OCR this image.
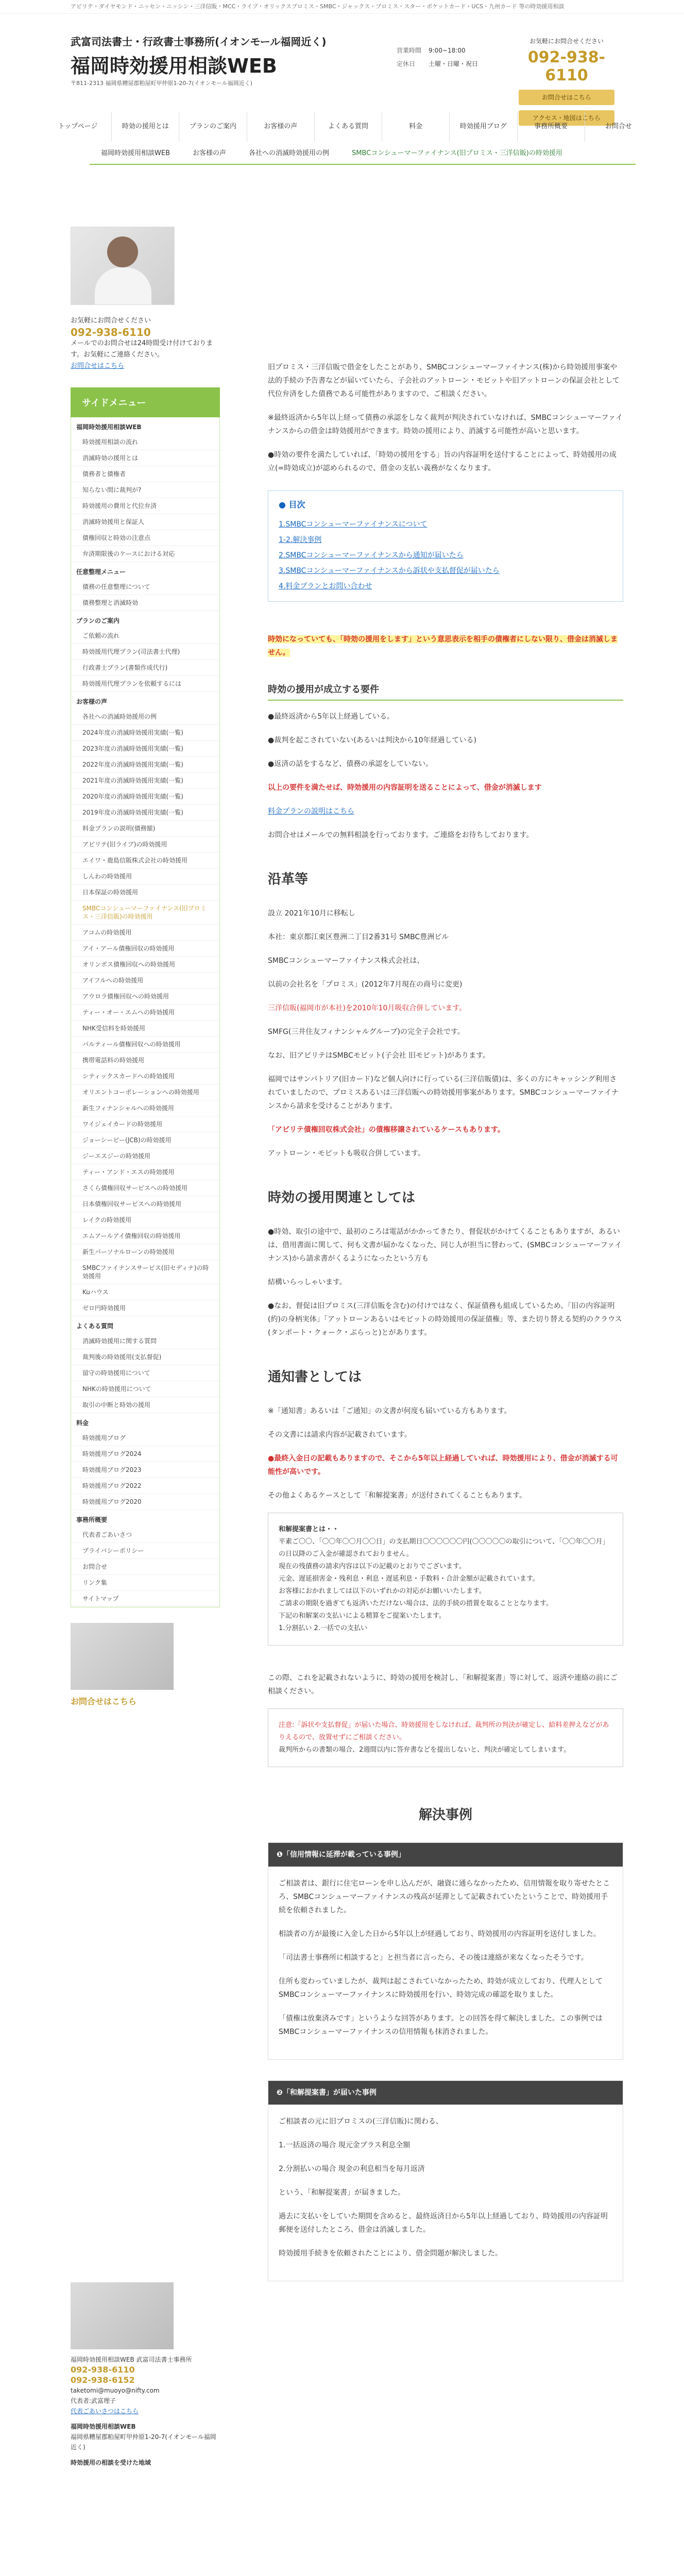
アビリテ・ダイヤモンド・ニッセン・ニッシン・三洋信販・MCC・ライブ・オリックスプロミス・SMBC・ジャックス・プロミス・スター・ポケットカード・UCS・九州カード 等の時効援用相談
武富司法書士・行政書士事務所(イオンモール福岡近く)
福岡時効援用相談WEB
〒811-2313 福岡県糟屋郡粕屋町甲仲原1-20-7(イオンモール福岡近く)
営業時間 9:00~18:00
定休日 土曜・日曜・祝日
お気軽にお問合せください
092-938-6110
お問合せはこちら
アクセス・地図はこちら
トップページ	時効の援用とは	プランのご案内	お客様の声	よくある質問	料金	時効援用ブログ	事務所概要	お問合せ
福岡時効援用相談WEB	お客様の声	各社への消滅時効援用の例	SMBCコンシューマーファイナンス(旧プロミス・三洋信販)の時効援用
お気軽にお問合せください
092-938-6110
メールでのお問合せは24時間受け付けております。お気軽にご連絡ください。
お問合せはこちら
サイドメニュー
福岡時効援用相談WEB
時効援用相談の流れ
消滅時効の援用とは
債務者と債権者
知らない間に裁判が?
時効援用の費用と代位弁済
消滅時効援用と保証人
債権回収と時効の注意点
弁済期限後のケースにおける対応
任意整理メニュー
債務の任意整理について
債務整理と消滅時効
プランのご案内
ご依頼の流れ
時効援用代理プラン(司法書士代理)
行政書士プラン(書類作成代行)
時効援用代理プランを依頼するには
お客様の声
各社への消滅時効援用の例
2024年度の消滅時効援用実績(一覧)
2023年度の消滅時効援用実績(一覧)
2022年度の消滅時効援用実績(一覧)
2021年度の消滅時効援用実績(一覧)
2020年度の消滅時効援用実績(一覧)
2019年度の消滅時効援用実績(一覧)
料金プランの説明(債務額)
アビリテ(旧ライブ)の時効援用
エイワ・鹿島信販株式会社の時効援用
しんわの時効援用
日本保証の時効援用
SMBCコンシューマーファイナンス(旧プロミス・三洋信販)の時効援用
アコムの時効援用
アイ・アール債権回収の時効援用
オリンポス債権回収への時効援用
アイフルへの時効援用
アウロラ債権回収への時効援用
ティー・オー・エムへの時効援用
NHK受信料を時効援用
パルティール債権回収への時効援用
携帯電話料の時効援用
シティックスカードへの時効援用
オリエントコーポレーションへの時効援用
新生フィナンシャルへの時効援用
ワイジェイカードの時効援用
ジョーシービー(JCB)の時効援用
ジーエスジーの時効援用
ティー・アンド・エスの時効援用
さくら債権回収サービスへの時効援用
日本債権回収サービスへの時効援用
レイクの時効援用
エムアールアイ債権回収の時効援用
新生パーソナルローンの時効援用
SMBCファイナンスサービス(旧セディナ)の時効援用
Kuハウス
ゼロ円時効援用
よくある質問
消滅時効援用に関する質問
裁判後の時効援用(支払督促)
留守の時効援用について
NHKの時効援用について
取引の中断と時効の援用
料金
時効援用ブログ
時効援用ブログ2024
時効援用ブログ2023
時効援用ブログ2022
時効援用ブログ2020
事務所概要
代表者ごあいさつ
プライバシーポリシー
お問合せ
リンク集
サイトマップ
お問合せはこちら
福岡時効援用相談WEB 武富司法書士事務所
092-938-6110
092-938-6152
taketomi@muoyo@nifty.com
代表者:武富理子
代表ごあいさつはこちら
福岡時効援用相談WEB
福岡県糟屋郡粕屋町甲仲原1-20-7(イオンモール福岡近く)
時効援用の相談を受けた地域

旧プロミス・三洋信販で借金をしたことがあり、SMBCコンシューマーファイナンス(株)から時効援用事案や法的手続の予告書などが届いていたら、子会社のアットローン・モビットや旧アットローンの保証会社として代位弁済をした債務である可能性がありますので、ご相談ください。

※最終返済から5年以上経って債務の承認をしなく裁判が判決されていなければ、SMBCコンシューマーファイナンスからの借金は時効援用ができます。時効の援用により、消滅する可能性が高いと思います。

●時効の要件を満たしていれば、「時効の援用をする」旨の内容証明を送付することによって、時効援用の成立(=時効成立)が認められるので、借金の支払い義務がなくなります。

● 目次
1.SMBCコンシューマーファイナンスについて
1-2.解決事例
2.SMBCコンシューマーファイナンスから通知が届いたら
3.SMBCコンシューマーファイナンスから訴状や支払督促が届いたら
4.料金プランとお問い合わせ

時効になっていても、「時効の援用をします」という意思表示を相手の債権者にしない限り、借金は消滅しません。

時効の援用が成立する要件

●最終返済から5年以上経過している。

●裁判を起こされていない(あるいは判決から10年経過している)

●返済の話をするなど、債務の承認をしていない。

以上の要件を満たせば、時効援用の内容証明を送ることによって、借金が消滅します

料金プランの説明はこちら

お問合せはメールでの無料相談を行っております。ご連絡をお待ちしております。

沿革等

設立 2021年10月に移転し

本社：東京都江東区豊洲二丁目2番31号 SMBC豊洲ビル

SMBCコンシューマーファイナンス株式会社は、

以前の会社名を「プロミス」(2012年7月現在の商号に変更)

三洋信販(福岡市が本社)を2010年10月吸収合併しています。

SMFG(三井住友フィナンシャルグループ)の完全子会社です。

なお、旧アビリテはSMBCモビット(子会社 旧モビット)があります。

福岡ではサンパトリア(旧カード)など個人向けに行っている(三洋信販債)は、多くの方にキャッシング利用されていましたので、プロミスあるいは三洋信販への時効援用事案があります。SMBCコンシューマーファイナンスから請求を受けることがあります。

「アビリテ債権回収株式会社」の債権移譲されているケースもあります。

アットローン・モビットも吸収合併しています。

時効の援用関連としては

●時効、取引の途中で、最初のころは電話がかかってきたり、督促状がかけてくることもありますが、あるいは、借用書面に関して、何も文書が届かなくなった、同じ人が担当に替わって、(SMBCコンシューマーファイナンス)から請求書がくるようになったという方も

結構いらっしゃいます。

●なお、督促は旧プロミス(三洋信販を含む)の付けではなく、保証債務も組成しているため、「旧の内容証明(約)の身柄実体」「アットローンあるいはモビットの時効援用の保証債権」等、また切り替える契約のクラウス(タンポート・クォーク・ぷらっと)とがあります。

通知書としては

※「通知書」あるいは「ご通知」の文書が何度も届いている方もあります。

その文書には請求内容が記載されています。

●最終入金日の記載もありますので、そこから5年以上経過していれば、時効援用により、借金が消滅する可能性が高いです。

その他よくあるケースとして「和解提案書」が送付されてくることもあります。

和解提案書とは・・
平素ご〇〇、「〇〇年〇〇月〇〇日」の支払期日〇〇〇〇〇〇円(〇〇〇〇〇の取引について、「〇〇年〇〇月」の日以降のご入金が確認されておりません。
現在の残債務の請求内容は以下の記載のとおりでございます。
元金、遅延損害金・残利息・利息・遅延利息・手数料・合計金額が記載されています。
お客様におかれましては以下のいずれかの対応がお願いいたします。
ご請求の期限を過ぎても返済いただけない場合は、法的手続の措置を取ることとなります。
下記の和解案の支払いによる精算をご提案いたします。
1.分割払い 2.一括での支払い

この際、これを記載されないように、時効の援用を検討し、「和解提案書」等に対して、返済や連絡の前にご相談ください。

注意:「訴状や支払督促」が届いた場合、時効援用をしなければ、裁判所の判決が確定し、給料差押えなどがありえるので、放置せずにご相談ください。
裁判所からの書類の場合、2週間以内に答弁書などを提出しないと、判決が確定してしまいます。
解決事例
❶「信用情報に延滞が載っている事例」

ご相談者は、銀行に住宅ローンを申し込んだが、融資に通らなかったため、信用情報を取り寄せたところ、SMBCコンシューマーファイナンスの残高が延滞として記載されていたということで、時効援用手続を依頼されました。

相談者の方が最後に入金した日から5年以上が経過しており、時効援用の内容証明を送付しました。

「司法書士事務所に相談すると」と担当者に言ったら、その後は連絡が来なくなったそうです。

住所も変わっていましたが、裁判は起こされていなかったため、時効が成立しており、代理人としてSMBCコンシューマーファイナンスに時効援用を行い、時効完成の確認を取りました。

「債権は放棄済みです」というような回答があります。との回答を得て解決しました。この事例ではSMBCコンシューマーファイナンスの信用情報も抹消されました。

❷「和解提案書」が届いた事例

ご相談者の元に旧プロミスの(三洋信販)に関わる、

1.一括返済の場合 現元金プラス利息全額

2.分割払いの場合 現金の利息相当を毎月返済

という、「和解提案書」が届きました。

過去に支払いをしていた期間を含めると、最終返済日から5年以上経過しており、時効援用の内容証明郵便を送付したところ、借金は消滅しました。

時効援用手続きを依頼されたことにより、借金問題が解決しました。
